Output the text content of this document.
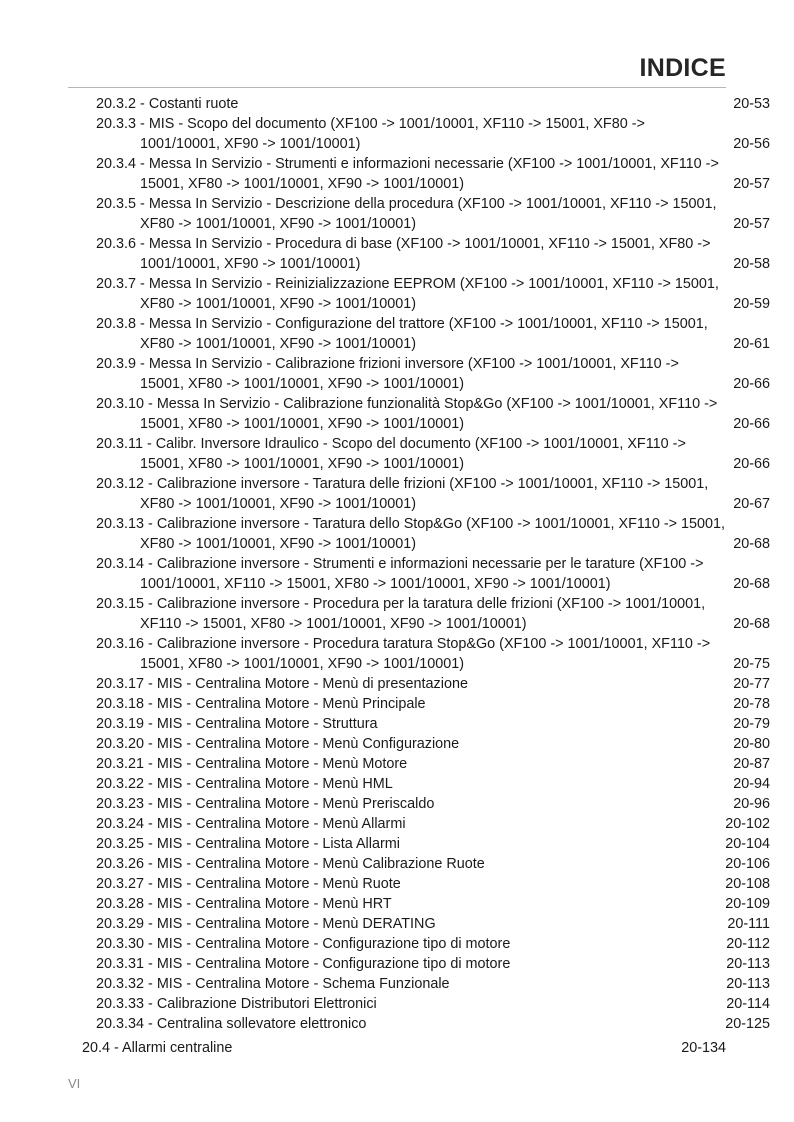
INDICE
20.3.2 - Costanti ruote	20-53
20.3.3 - MIS - Scopo del documento (XF100 -> 1001/10001, XF110 -> 15001, XF80 -> 1001/10001, XF90 -> 1001/10001)	20-56
20.3.4 - Messa In Servizio - Strumenti e informazioni necessarie (XF100 -> 1001/10001, XF110 -> 15001, XF80 -> 1001/10001, XF90 -> 1001/10001)	20-57
20.3.5 - Messa In Servizio - Descrizione della procedura (XF100 -> 1001/10001, XF110 -> 15001, XF80 -> 1001/10001, XF90 -> 1001/10001)	20-57
20.3.6 - Messa In Servizio - Procedura di base (XF100 -> 1001/10001, XF110 -> 15001, XF80 -> 1001/10001, XF90 -> 1001/10001)	20-58
20.3.7 - Messa In Servizio - Reinizializzazione EEPROM (XF100 -> 1001/10001, XF110 -> 15001, XF80 -> 1001/10001, XF90 -> 1001/10001)	20-59
20.3.8 - Messa In Servizio - Configurazione del trattore (XF100 -> 1001/10001, XF110 -> 15001, XF80 -> 1001/10001, XF90 -> 1001/10001)	20-61
20.3.9 - Messa In Servizio - Calibrazione frizioni inversore (XF100 -> 1001/10001, XF110 -> 15001, XF80 -> 1001/10001, XF90 -> 1001/10001)	20-66
20.3.10 - Messa In Servizio - Calibrazione funzionalità Stop&Go (XF100 -> 1001/10001, XF110 -> 15001, XF80 -> 1001/10001, XF90 -> 1001/10001)	20-66
20.3.11 - Calibr. Inversore Idraulico - Scopo del documento (XF100 -> 1001/10001, XF110 -> 15001, XF80 -> 1001/10001, XF90 -> 1001/10001)	20-66
20.3.12 - Calibrazione inversore - Taratura delle frizioni (XF100 -> 1001/10001, XF110 -> 15001, XF80 -> 1001/10001, XF90 -> 1001/10001)	20-67
20.3.13 - Calibrazione inversore - Taratura dello Stop&Go (XF100 -> 1001/10001, XF110 -> 15001, XF80 -> 1001/10001, XF90 -> 1001/10001)	20-68
20.3.14 - Calibrazione inversore - Strumenti e informazioni necessarie per le tarature (XF100 -> 1001/10001, XF110 -> 15001, XF80 -> 1001/10001, XF90 -> 1001/10001)	20-68
20.3.15 - Calibrazione inversore - Procedura per la taratura delle frizioni (XF100 -> 1001/10001, XF110 -> 15001, XF80 -> 1001/10001, XF90 -> 1001/10001)	20-68
20.3.16 - Calibrazione inversore - Procedura taratura Stop&Go (XF100 -> 1001/10001, XF110 -> 15001, XF80 -> 1001/10001, XF90 -> 1001/10001)	20-75
20.3.17 - MIS - Centralina Motore - Menù di presentazione	20-77
20.3.18 - MIS - Centralina Motore - Menù Principale	20-78
20.3.19 - MIS - Centralina Motore - Struttura	20-79
20.3.20 - MIS - Centralina Motore - Menù Configurazione	20-80
20.3.21 - MIS - Centralina Motore - Menù Motore	20-87
20.3.22 - MIS - Centralina Motore - Menù HML	20-94
20.3.23 - MIS - Centralina Motore - Menù Preriscaldo	20-96
20.3.24 - MIS - Centralina Motore - Menù Allarmi	20-102
20.3.25 - MIS - Centralina Motore - Lista Allarmi	20-104
20.3.26 - MIS - Centralina Motore - Menù Calibrazione Ruote	20-106
20.3.27 - MIS - Centralina Motore - Menù Ruote	20-108
20.3.28 - MIS - Centralina Motore - Menù HRT	20-109
20.3.29 - MIS - Centralina Motore - Menù DERATING	20-111
20.3.30 - MIS - Centralina Motore - Configurazione tipo di motore	20-112
20.3.31 - MIS - Centralina Motore - Configurazione tipo di motore	20-113
20.3.32 - MIS - Centralina Motore - Schema Funzionale	20-113
20.3.33 - Calibrazione Distributori Elettronici	20-114
20.3.34 - Centralina sollevatore elettronico	20-125
20.4 - Allarmi centraline	20-134
VI
